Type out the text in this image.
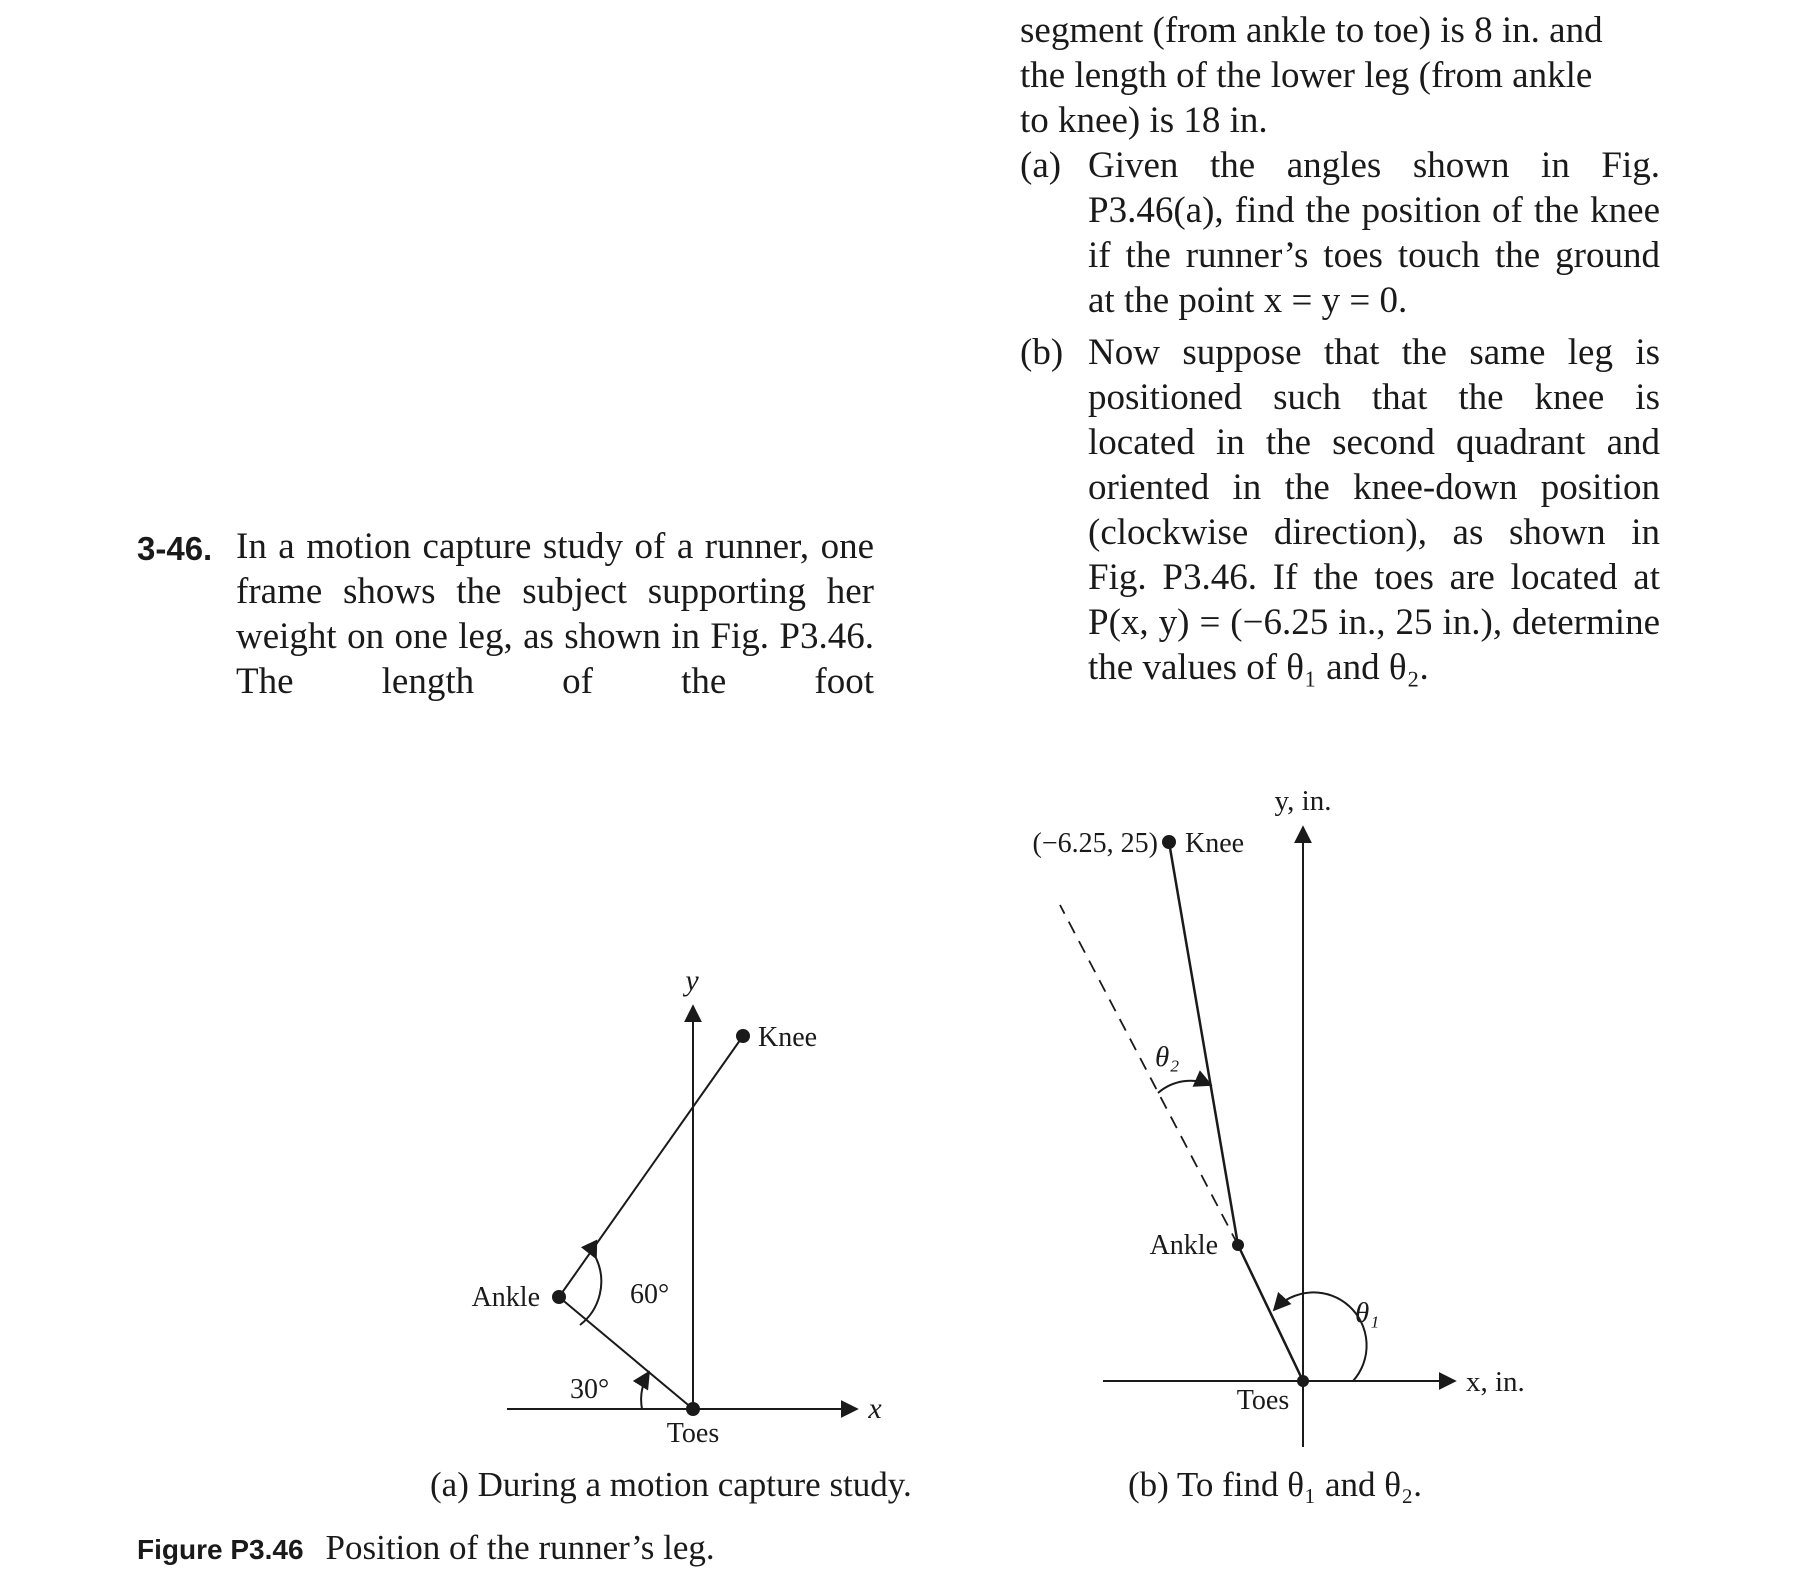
segment (from ankle to toe) is 8 in. and

the length of the lower leg (from ankle

to knee) is 18 in.

(a) Given the angles shown in Fig. P3.46(a), find the position of the knee if the runner’s toes touch the ground at the point x = y = 0.
(b) Now suppose that the same leg is positioned such that the knee is located in the second quadrant and oriented in the knee-down position (clockwise direction), as shown in Fig. P3.46. If the toes are located at P(x, y) = (−6.25 in., 25 in.), determine the values of θ₁ and θ₂.
3-46. In a motion capture study of a runner, one frame shows the subject supporting her weight on one leg, as shown in Fig. P3.46. The length of the foot
y
x
Knee
Ankle
Toes
60°
30°
y, in.
x, in.
(−6.25, 25) Knee
Ankle
Toes
θ₁
θ₂
(a) During a motion capture study.	(b) To find θ₁ and θ₂.
Figure P3.46 Position of the runner’s leg.
